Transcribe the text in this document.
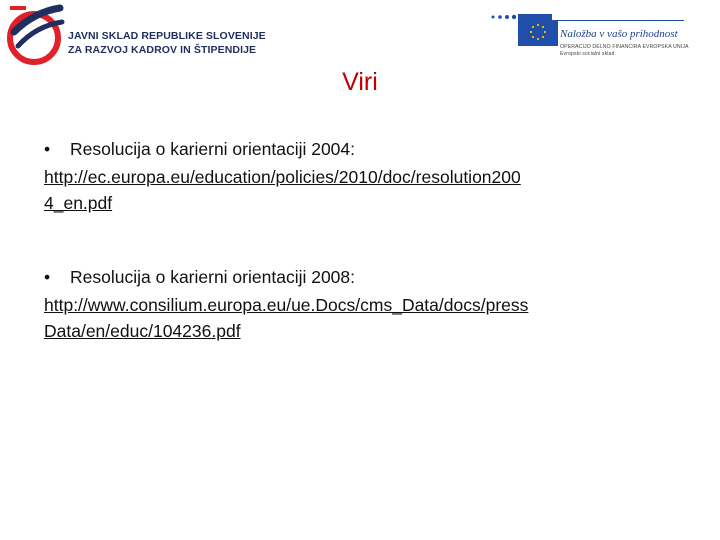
JAVNI SKLAD REPUBLIKE SLOVENIJE
ZA RAZVOJ KADROV IN ŠTIPENDIJE
Naložba v vašo prihodnost
OPERACIJO DELNO FINANCIRA EVROPSKA UNIJA
Evropski socialni sklad
Viri
• Resolucija o karierni orientaciji 2004:
http://ec.europa.eu/education/policies/2010/doc/resolution200
4_en.pdf
• Resolucija o karierni orientaciji 2008:
http://www.consilium.europa.eu/ue.Docs/cms_Data/docs/press
Data/en/educ/104236.pdf
